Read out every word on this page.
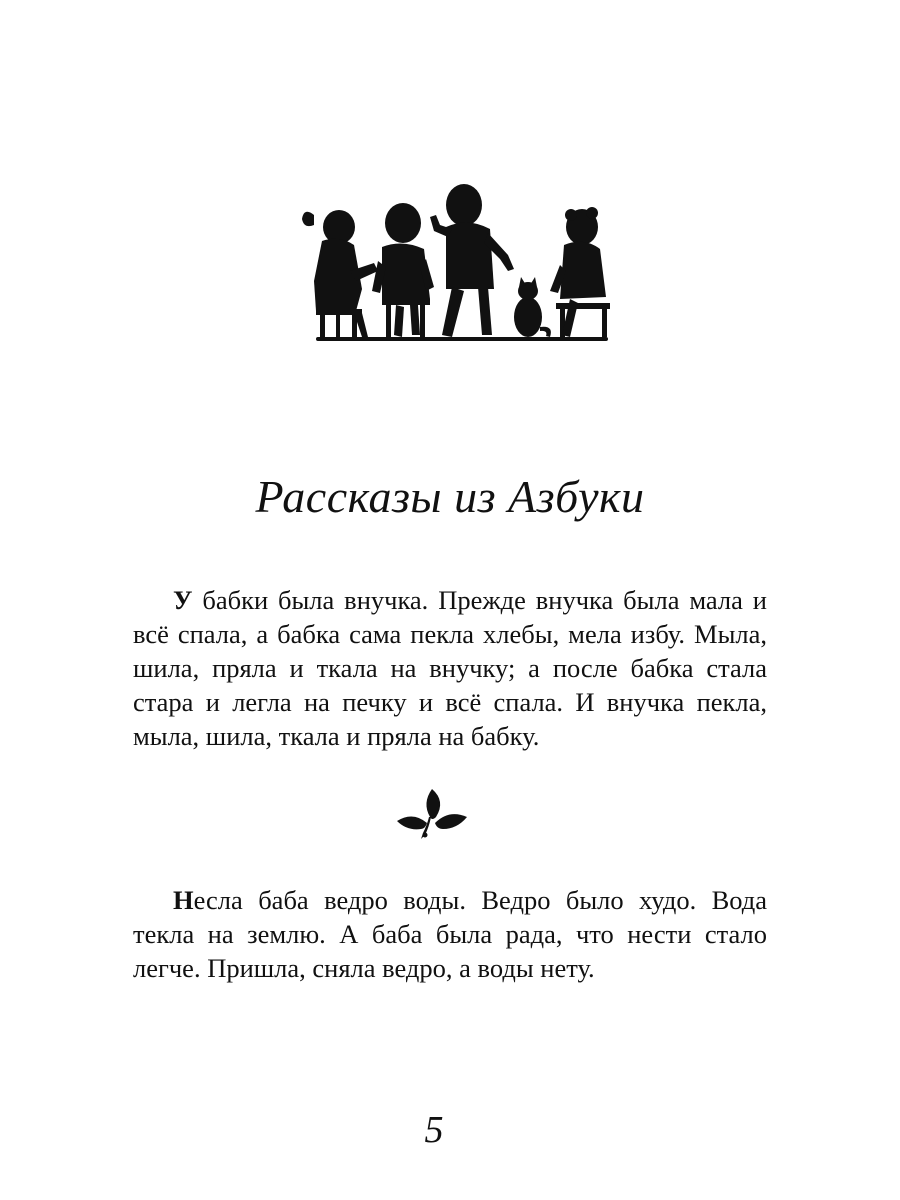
Рассказы из Азбуки

У бабки была внучка. Прежде внучка была мала и всё спала, а бабка сама пекла хлебы, мела избу. Мыла, шила, пряла и ткала на внучку; а после бабка стала стара и легла на печку и всё спала. И внучка пекла, мыла, шила, ткала и пряла на бабку.

Несла баба ведро воды. Ведро было худо. Вода текла на землю. А баба была рада, что нести стало легче. Пришла, сняла ведро, а воды нету.

5
